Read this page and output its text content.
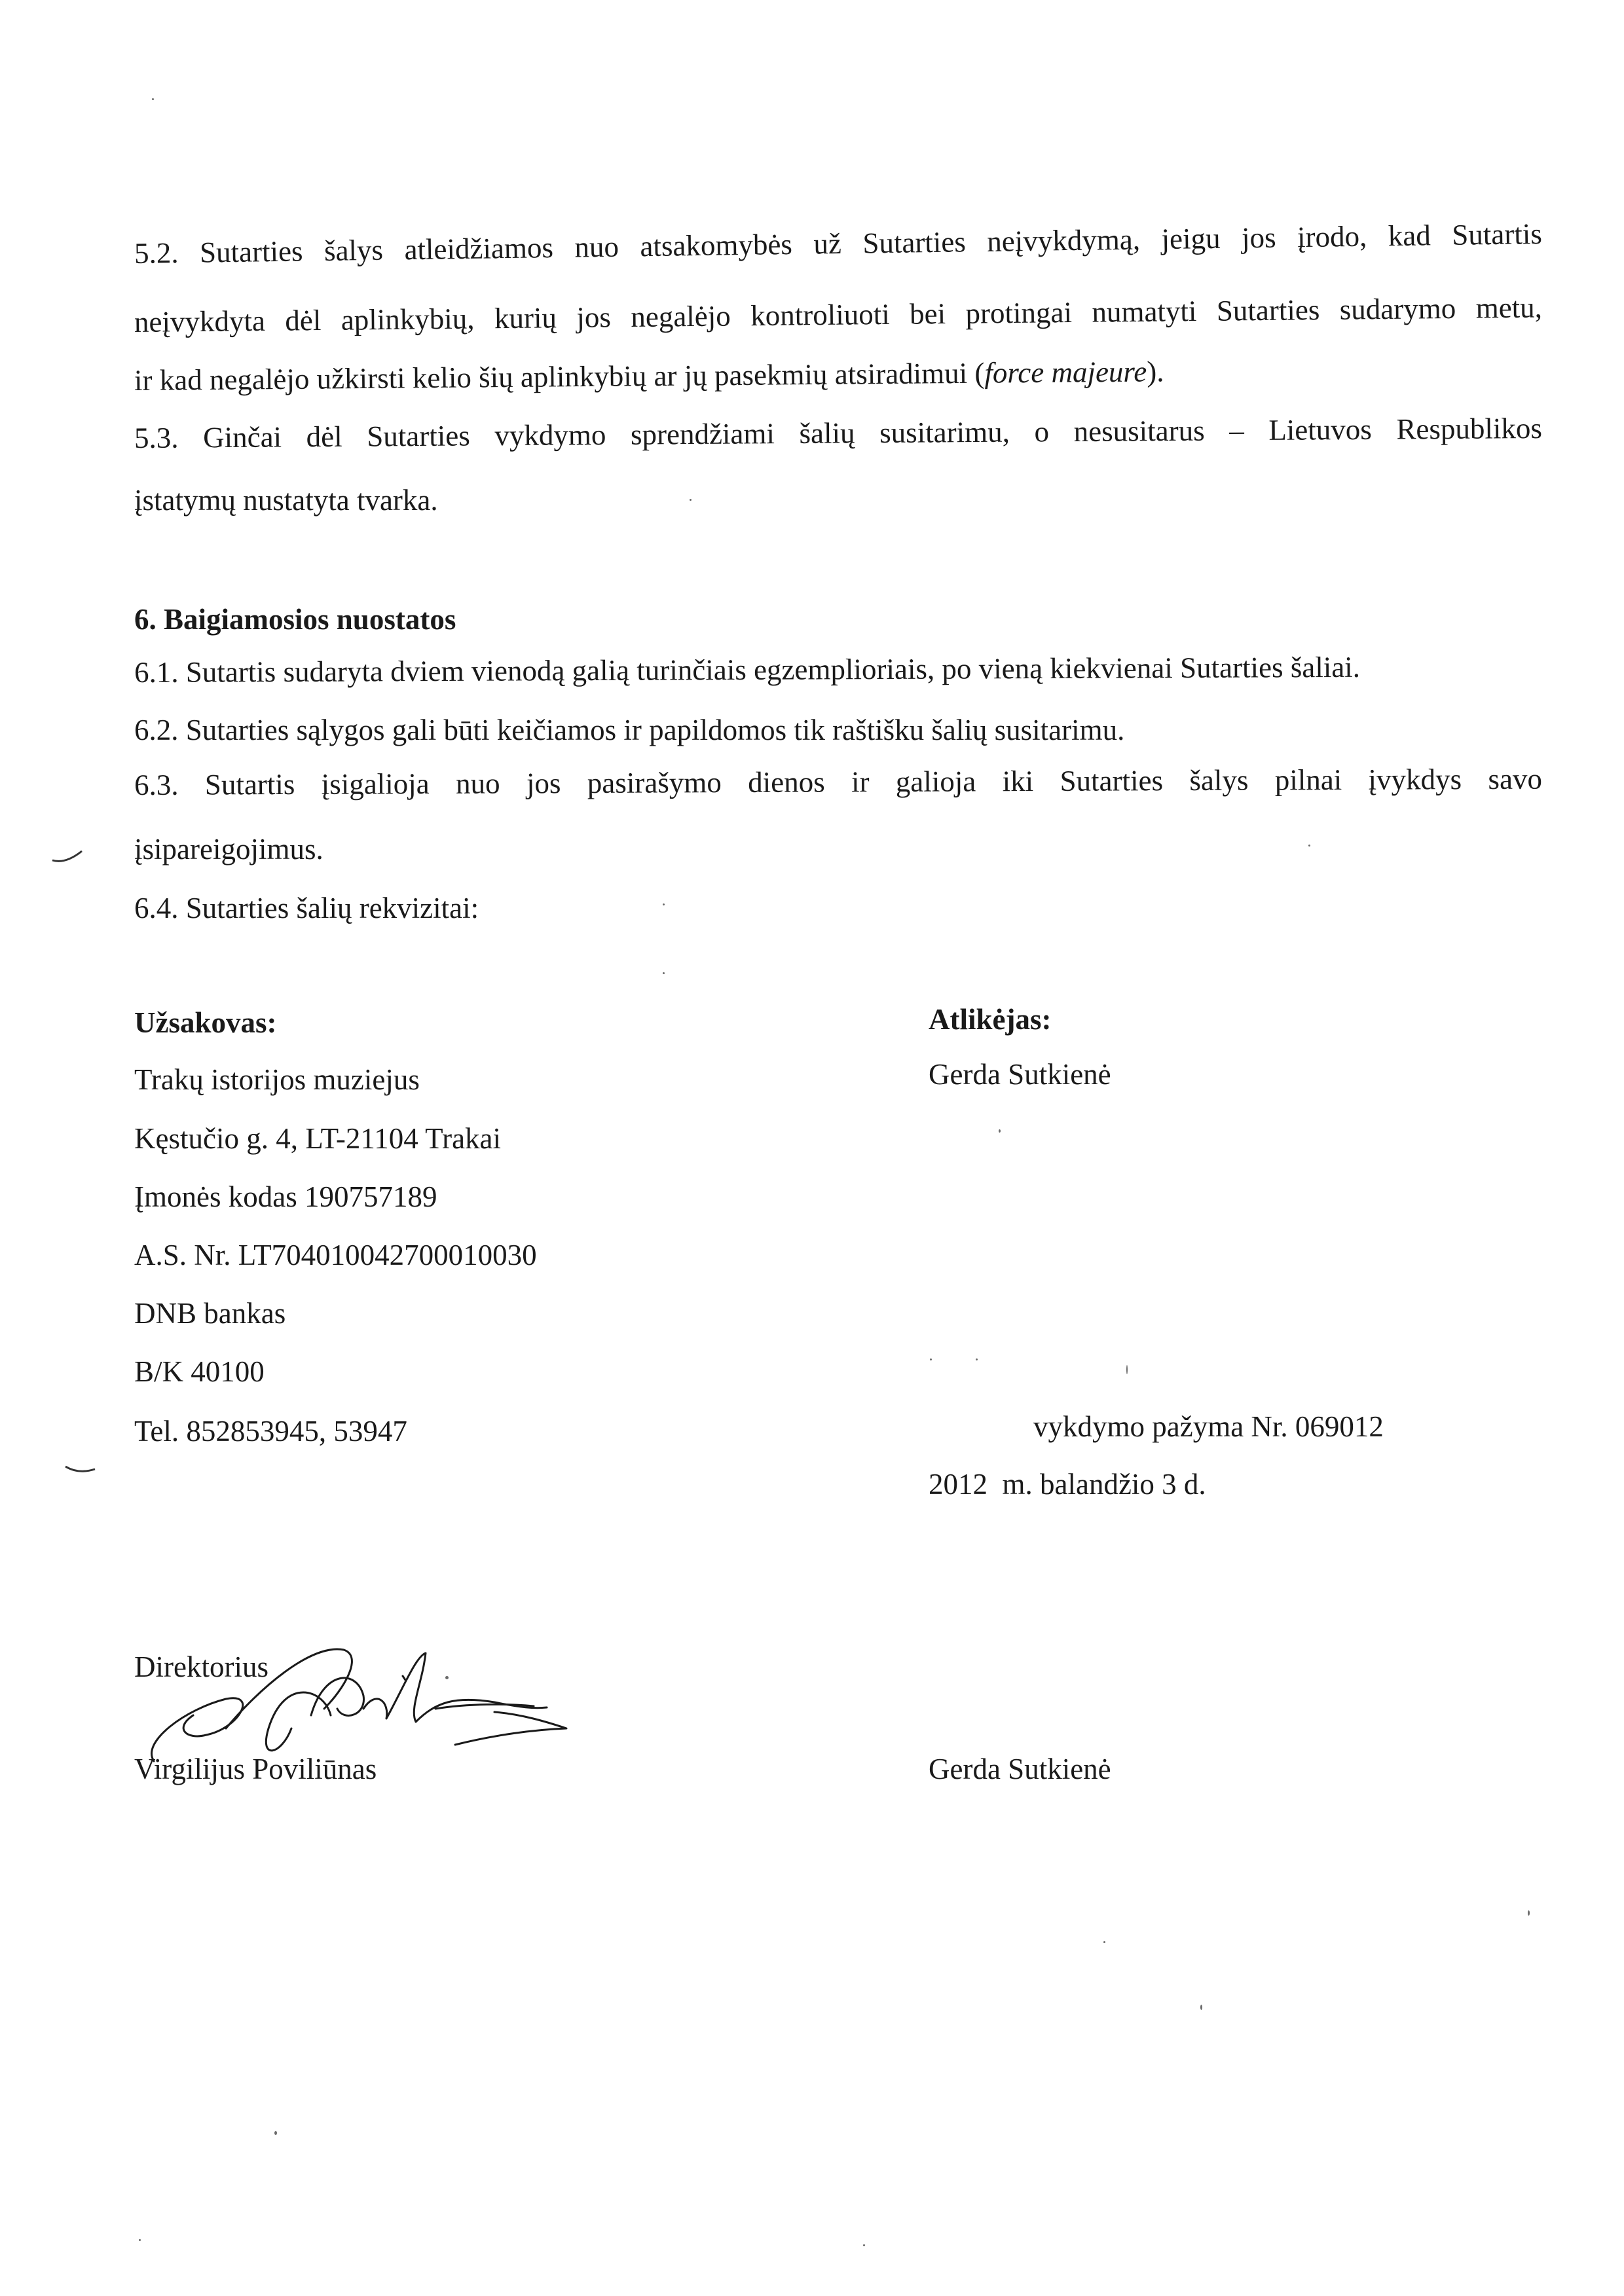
5.2. Sutarties šalys atleidžiamos nuo atsakomybės už Sutarties neįvykdymą, jeigu jos įrodo, kad Sutartis
neįvykdyta dėl aplinkybių, kurių jos negalėjo kontroliuoti bei protingai numatyti Sutarties sudarymo metu,
ir kad negalėjo užkirsti kelio šių aplinkybių ar jų pasekmių atsiradimui (force majeure).
5.3. Ginčai dėl Sutarties vykdymo sprendžiami šalių susitarimu, o nesusitarus – Lietuvos Respublikos
įstatymų nustatyta tvarka.
6. Baigiamosios nuostatos
6.1. Sutartis sudaryta dviem vienodą galią turinčiais egzemplioriais, po vieną kiekvienai Sutarties šaliai.
6.2. Sutarties sąlygos gali būti keičiamos ir papildomos tik raštišku šalių susitarimu.
6.3. Sutartis įsigalioja nuo jos pasirašymo dienos ir galioja iki Sutarties šalys pilnai įvykdys savo
įsipareigojimus.
6.4. Sutarties šalių rekvizitai:
Užsakovas:
Trakų istorijos muziejus
Kęstučio g. 4, LT-21104 Trakai
Įmonės kodas 190757189
A.S. Nr. LT704010042700010030
DNB bankas
B/K 40100
Tel. 852853945, 53947
Atlikėjas:
Gerda Sutkienė
vykdymo pažyma Nr. 069012
2012  m. balandžio 3 d.
Direktorius
Virgilijus Poviliūnas	Gerda Sutkienė
